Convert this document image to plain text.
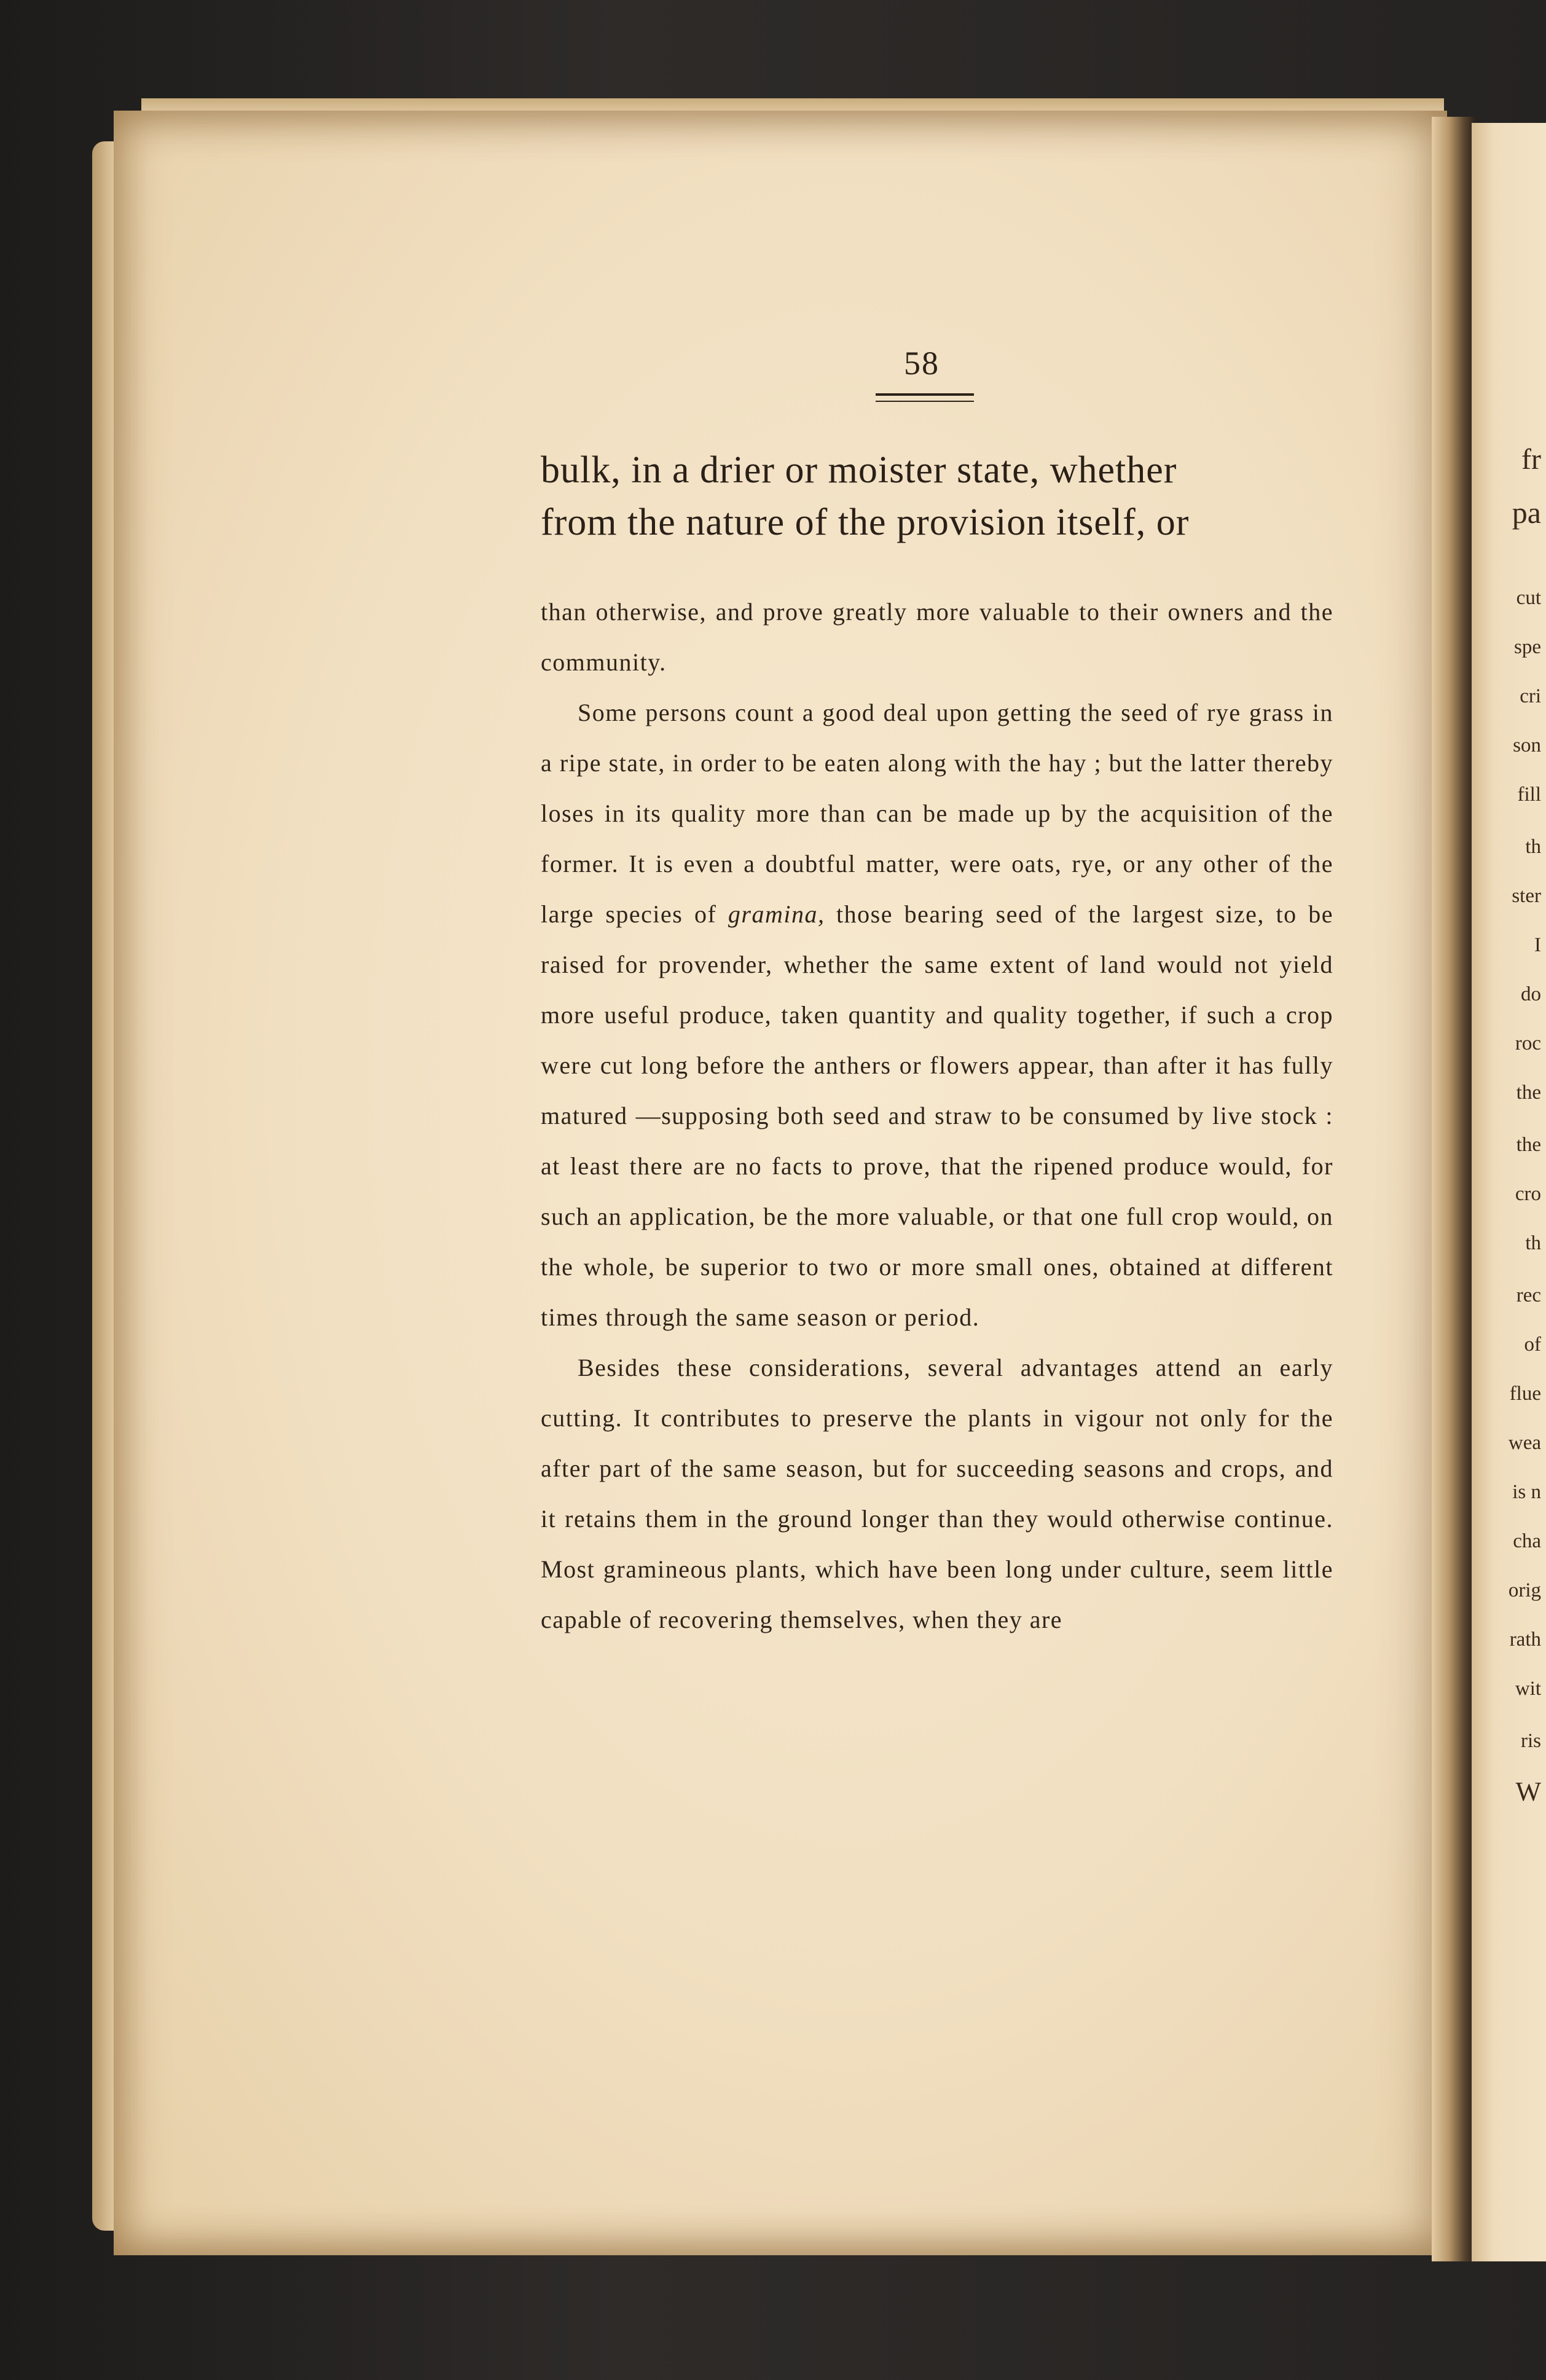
fr
pa
cut
spe
cri
son
fill
th
ster
I
do
roc
the
the
cro
th
rec
of
flue
wea
is n
cha
orig
rath
wit
ris
W
58
bulk, in a drier or moister state, whether
from the nature of the provision itself, or

than otherwise, and prove greatly more valuable to their owners and the community.

Some persons count a good deal upon getting the seed of rye grass in a ripe state, in order to be eaten along with the hay ; but the latter thereby loses in its quality more than can be made up by the acquisition of the former. It is even a doubtful matter, were oats, rye, or any other of the large species of gramina, those bearing seed of the largest size, to be raised for provender, whether the same extent of land would not yield more useful produce, taken quantity and quality together, if such a crop were cut long before the anthers or flowers appear, than after it has fully matured —supposing both seed and straw to be consumed by live stock : at least there are no facts to prove, that the ripened produce would, for such an application, be the more valuable, or that one full crop would, on the whole, be superior to two or more small ones, obtained at different times through the same season or period.

Besides these considerations, several advantages attend an early cutting. It contributes to preserve the plants in vigour not only for the after part of the same season, but for succeeding seasons and crops, and it retains them in the ground longer than they would otherwise continue. Most gramineous plants, which have been long under culture, seem little capable of recovering themselves, when they are
